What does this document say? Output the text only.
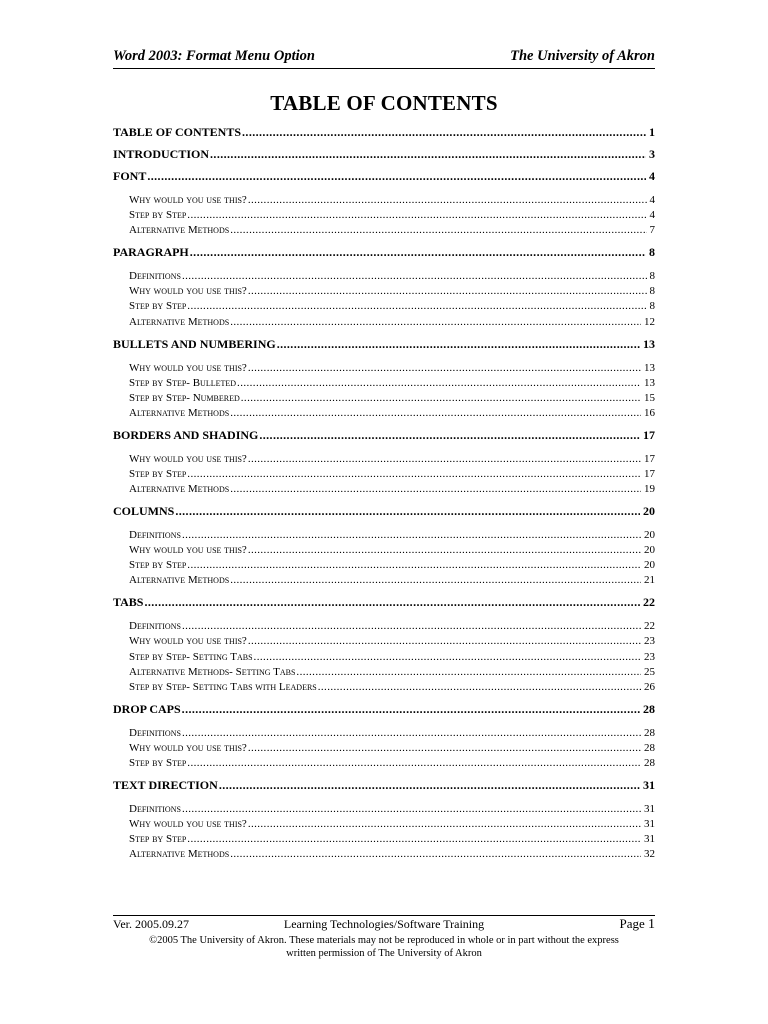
Word 2003: Format Menu Option	The University of Akron
TABLE OF CONTENTS
TABLE OF CONTENTS .....	1
INTRODUCTION .....	3
FONT .....	4
Why would you use this? .....	4
Step by Step .....	4
Alternative Methods .....	7
PARAGRAPH .....	8
Definitions .....	8
Why would you use this? .....	8
Step by Step .....	8
Alternative Methods .....	12
BULLETS AND NUMBERING .....	13
Why would you use this? .....	13
Step by Step- Bulleted .....	13
Step by Step- Numbered .....	15
Alternative Methods .....	16
BORDERS AND SHADING .....	17
Why would you use this? .....	17
Step by Step .....	17
Alternative Methods .....	19
COLUMNS .....	20
Definitions .....	20
Why would you use this? .....	20
Step by Step .....	20
Alternative Methods .....	21
TABS .....	22
Definitions .....	22
Why would you use this? .....	23
Step by Step- Setting Tabs .....	23
Alternative Methods- Setting Tabs .....	25
Step by Step- Setting Tabs with Leaders .....	26
DROP CAPS .....	28
Definitions .....	28
Why would you use this? .....	28
Step by Step .....	28
TEXT DIRECTION .....	31
Definitions .....	31
Why would you use this? .....	31
Step by Step .....	31
Alternative Methods .....	32
Ver. 2005.09.27	Learning Technologies/Software Training	Page 1
©2005 The University of Akron. These materials may not be reproduced in whole or in part without the express written permission of The University of Akron
